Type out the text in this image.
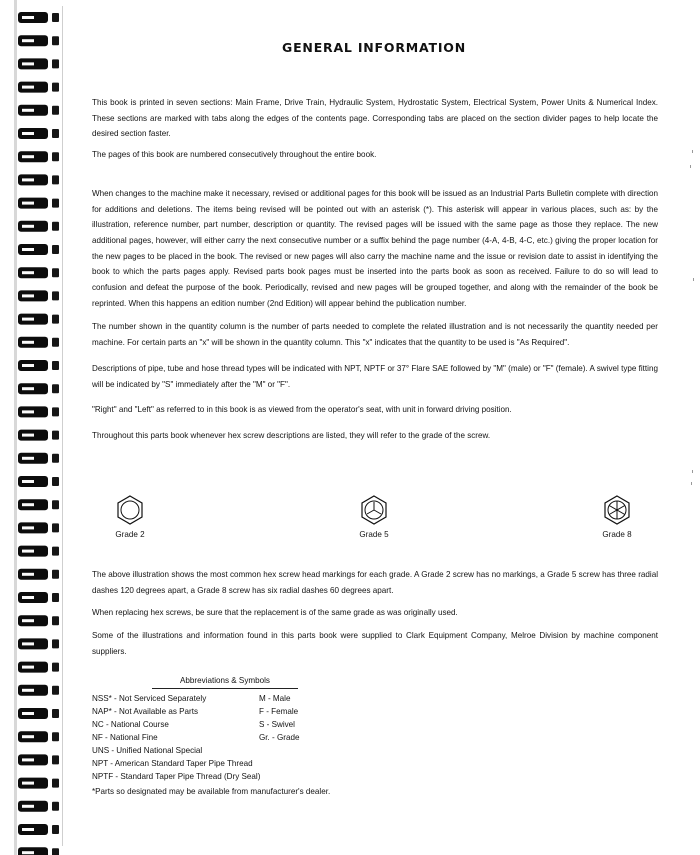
GENERAL INFORMATION

This book is printed in seven sections: Main Frame, Drive Train, Hydraulic System, Hydrostatic System, Electrical System, Power Units & Numerical Index. These sections are marked with tabs along the edges of the contents page. Corresponding tabs are placed on the section divider pages to help locate the desired section faster.

The pages of this book are numbered consecutively throughout the entire book.

When changes to the machine make it necessary, revised or additional pages for this book will be issued as an Industrial Parts Bulletin complete with direction for additions and deletions. The items being revised will be pointed out with an asterisk (*). This asterisk will appear in various places, such as: by the illustration, reference number, part number, description or quantity. The revised pages will be issued with the same page as those they replace. The new additional pages, however, will either carry the next consecutive number or a suffix behind the page number (4-A, 4-B, 4-C, etc.) giving the proper location for the new pages to be placed in the book. The revised or new pages will also carry the machine name and the issue or revision date to assist in identifying the book to which the parts pages apply. Revised parts book pages must be inserted into the parts book as soon as received. Failure to do so will lead to confusion and defeat the purpose of the book. Periodically, revised and new pages will be grouped together, and along with the remainder of the book be reprinted. When this happens an edition number (2nd Edition) will appear behind the publication number.

The number shown in the quantity column is the number of parts needed to complete the related illustration and is not necessarily the quantity needed per machine. For certain parts an "x" will be shown in the quantity column. This "x" indicates that the quantity to be used is "As Required".

Descriptions of pipe, tube and hose thread types will be indicated with NPT, NPTF or 37° Flare SAE followed by "M" (male) or "F" (female). A swivel type fitting will be indicated by "S" immediately after the "M" or "F".

"Right" and "Left" as referred to in this book is as viewed from the operator's seat, with unit in forward driving position.

Throughout this parts book whenever hex screw descriptions are listed, they will refer to the grade of the screw.

Grade 2	Grade 5	Grade 8

The above illustration shows the most common hex screw head markings for each grade. A Grade 2 screw has no markings, a Grade 5 screw has three radial dashes 120 degrees apart, a Grade 8 screw has six radial dashes 60 degrees apart.

When replacing hex screws, be sure that the replacement is of the same grade as was originally used.

Some of the illustrations and information found in this parts book were supplied to Clark Equipment Company, Melroe Division by machine component suppliers.

Abbreviations & Symbols
NSS* - Not Serviced Separately	M - Male
NAP* - Not Available as Parts	F - Female
NC - National Course	S - Swivel
NF - National Fine	Gr. - Grade
UNS - Unified National Special
NPT - American Standard Taper Pipe Thread
NPTF - Standard Taper Pipe Thread (Dry Seal)
*Parts so designated may be available from manufacturer's dealer.
